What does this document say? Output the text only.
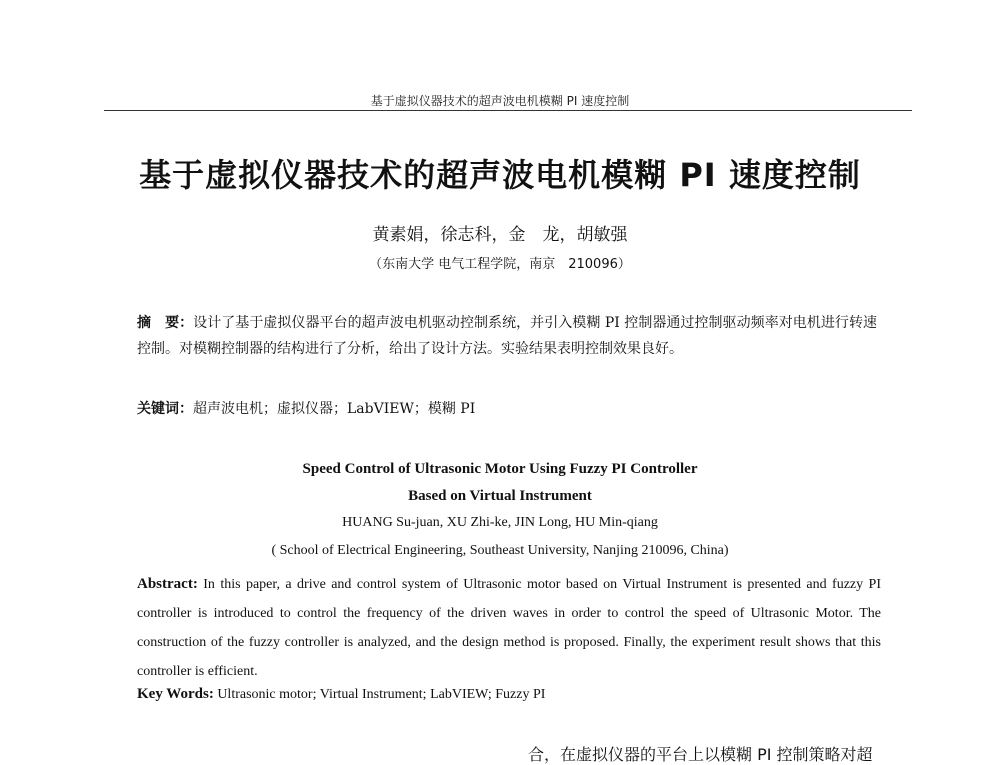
基于虚拟仪器技术的超声波电机模糊 PI 速度控制
基于虚拟仪器技术的超声波电机模糊 PI 速度控制
黄素娟，徐志科，金　龙，胡敏强
（东南大学 电气工程学院，南京　210096）
摘　要：设计了基于虚拟仪器平台的超声波电机驱动控制系统，并引入模糊 PI 控制器通过控制驱动频率对电机进行转速控制。对模糊控制器的结构进行了分析，给出了设计方法。实验结果表明控制效果良好。
关键词：超声波电机；虚拟仪器；LabVIEW；模糊 PI
Speed Control of Ultrasonic Motor Using Fuzzy PI Controller
Based on Virtual Instrument
HUANG Su-juan, XU Zhi-ke, JIN Long, HU Min-qiang
( School of Electrical Engineering, Southeast University, Nanjing 210096, China)
Abstract: In this paper, a drive and control system of Ultrasonic motor based on Virtual Instrument is presented and fuzzy PI controller is introduced to control the frequency of the driven waves in order to control the speed of Ultrasonic Motor. The construction of the fuzzy controller is analyzed, and the design method is proposed. Finally, the experiment result shows that this controller is efficient.
Key Words: Ultrasonic motor; Virtual Instrument; LabVIEW; Fuzzy PI
合，在虚拟仪器的平台上以模糊 PI 控制策略对超
